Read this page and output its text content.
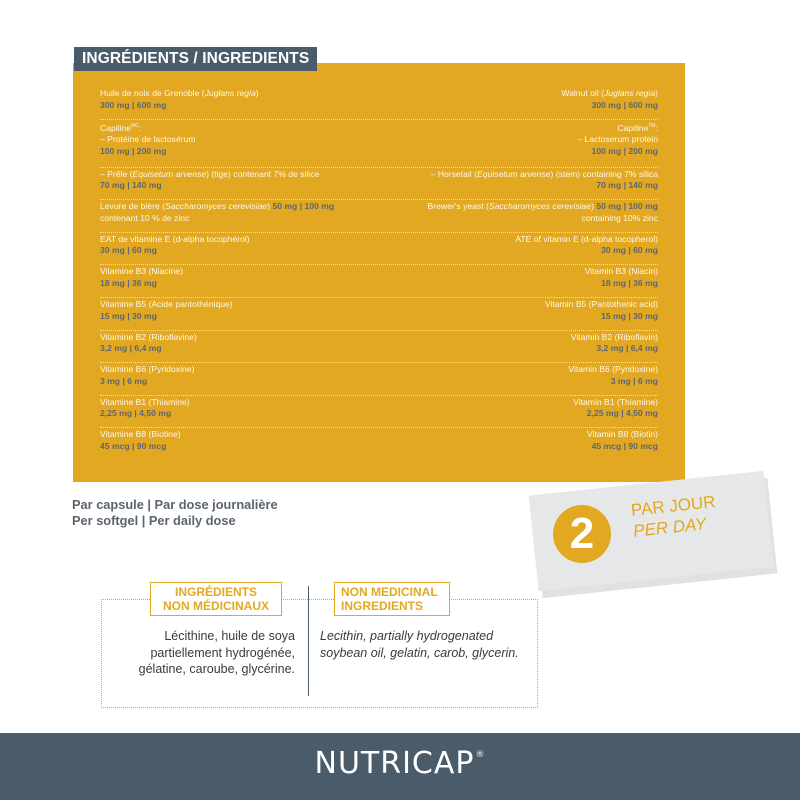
INGRÉDIENTS / INGREDIENTS
Huile de noix de Grenoble (Juglans regia)
300 mg | 600 mg
Walnut oil (Juglans regia)
300 mg | 600 mg
Capiline$^{MC}$:
– Protéine de lactosérum
100 mg | 200 mg
Capiline™:
– Lactoserum protein
100 mg | 200 mg
– Prêle (Equisetum arvense) (tige) contenant 7% de silice
70 mg | 140 mg
– Horsetail (Equisetum arvense) (stem) containing 7% silica
70 mg | 140 mg
Levure de bière (Saccharomyces cerevisiae) 50 mg | 100 mg
contenant 10 % de zinc
Brewer's yeast (Saccharomyces cerevisiae) 50 mg | 100 mg
containing 10% zinc
EAT de vitamine E (d-alpha tocophérol)
30 mg | 60 mg
ATE of vitamin E (d-alpha tocopherol)
30 mg | 60 mg
Vitamine B3 (Niacine)
18 mg | 36 mg
Vitamin B3 (Niacin)
18 mg | 36 mg
Vitamine B5 (Acide pantothénique)
15 mg | 30 mg
Vitamin B5 (Pantothenic acid)
15 mg | 30 mg
Vitamine B2 (Riboflavine)
3,2 mg | 6,4 mg
Vitamin B2 (Riboflavin)
3,2 mg | 6,4 mg
Vitamine B6 (Pyridoxine)
3 mg | 6 mg
Vitamin B6 (Pyridoxine)
3 mg | 6 mg
Vitamine B1 (Thiamine)
2,25 mg | 4,50 mg
Vitamin B1 (Thiamine)
2,25 mg | 4,50 mg
Vitamine B8 (Biotine)
45 mcg | 90 mcg
Vitamin B8 (Biotin)
45 mcg | 90 mcg
Par capsule | Par dose journalière
Per softgel | Per daily dose	2
PAR JOUR
PER DAY
INGRÉDIENTS
NON MÉDICINAUX
NON MEDICINAL
INGREDIENTS
Lécithine, huile de soya partiellement hydrogénée, gélatine, caroube, glycérine.
Lecithin, partially hydrogenated soybean oil, gelatin, carob, glycerin.
NUTRICAP®
